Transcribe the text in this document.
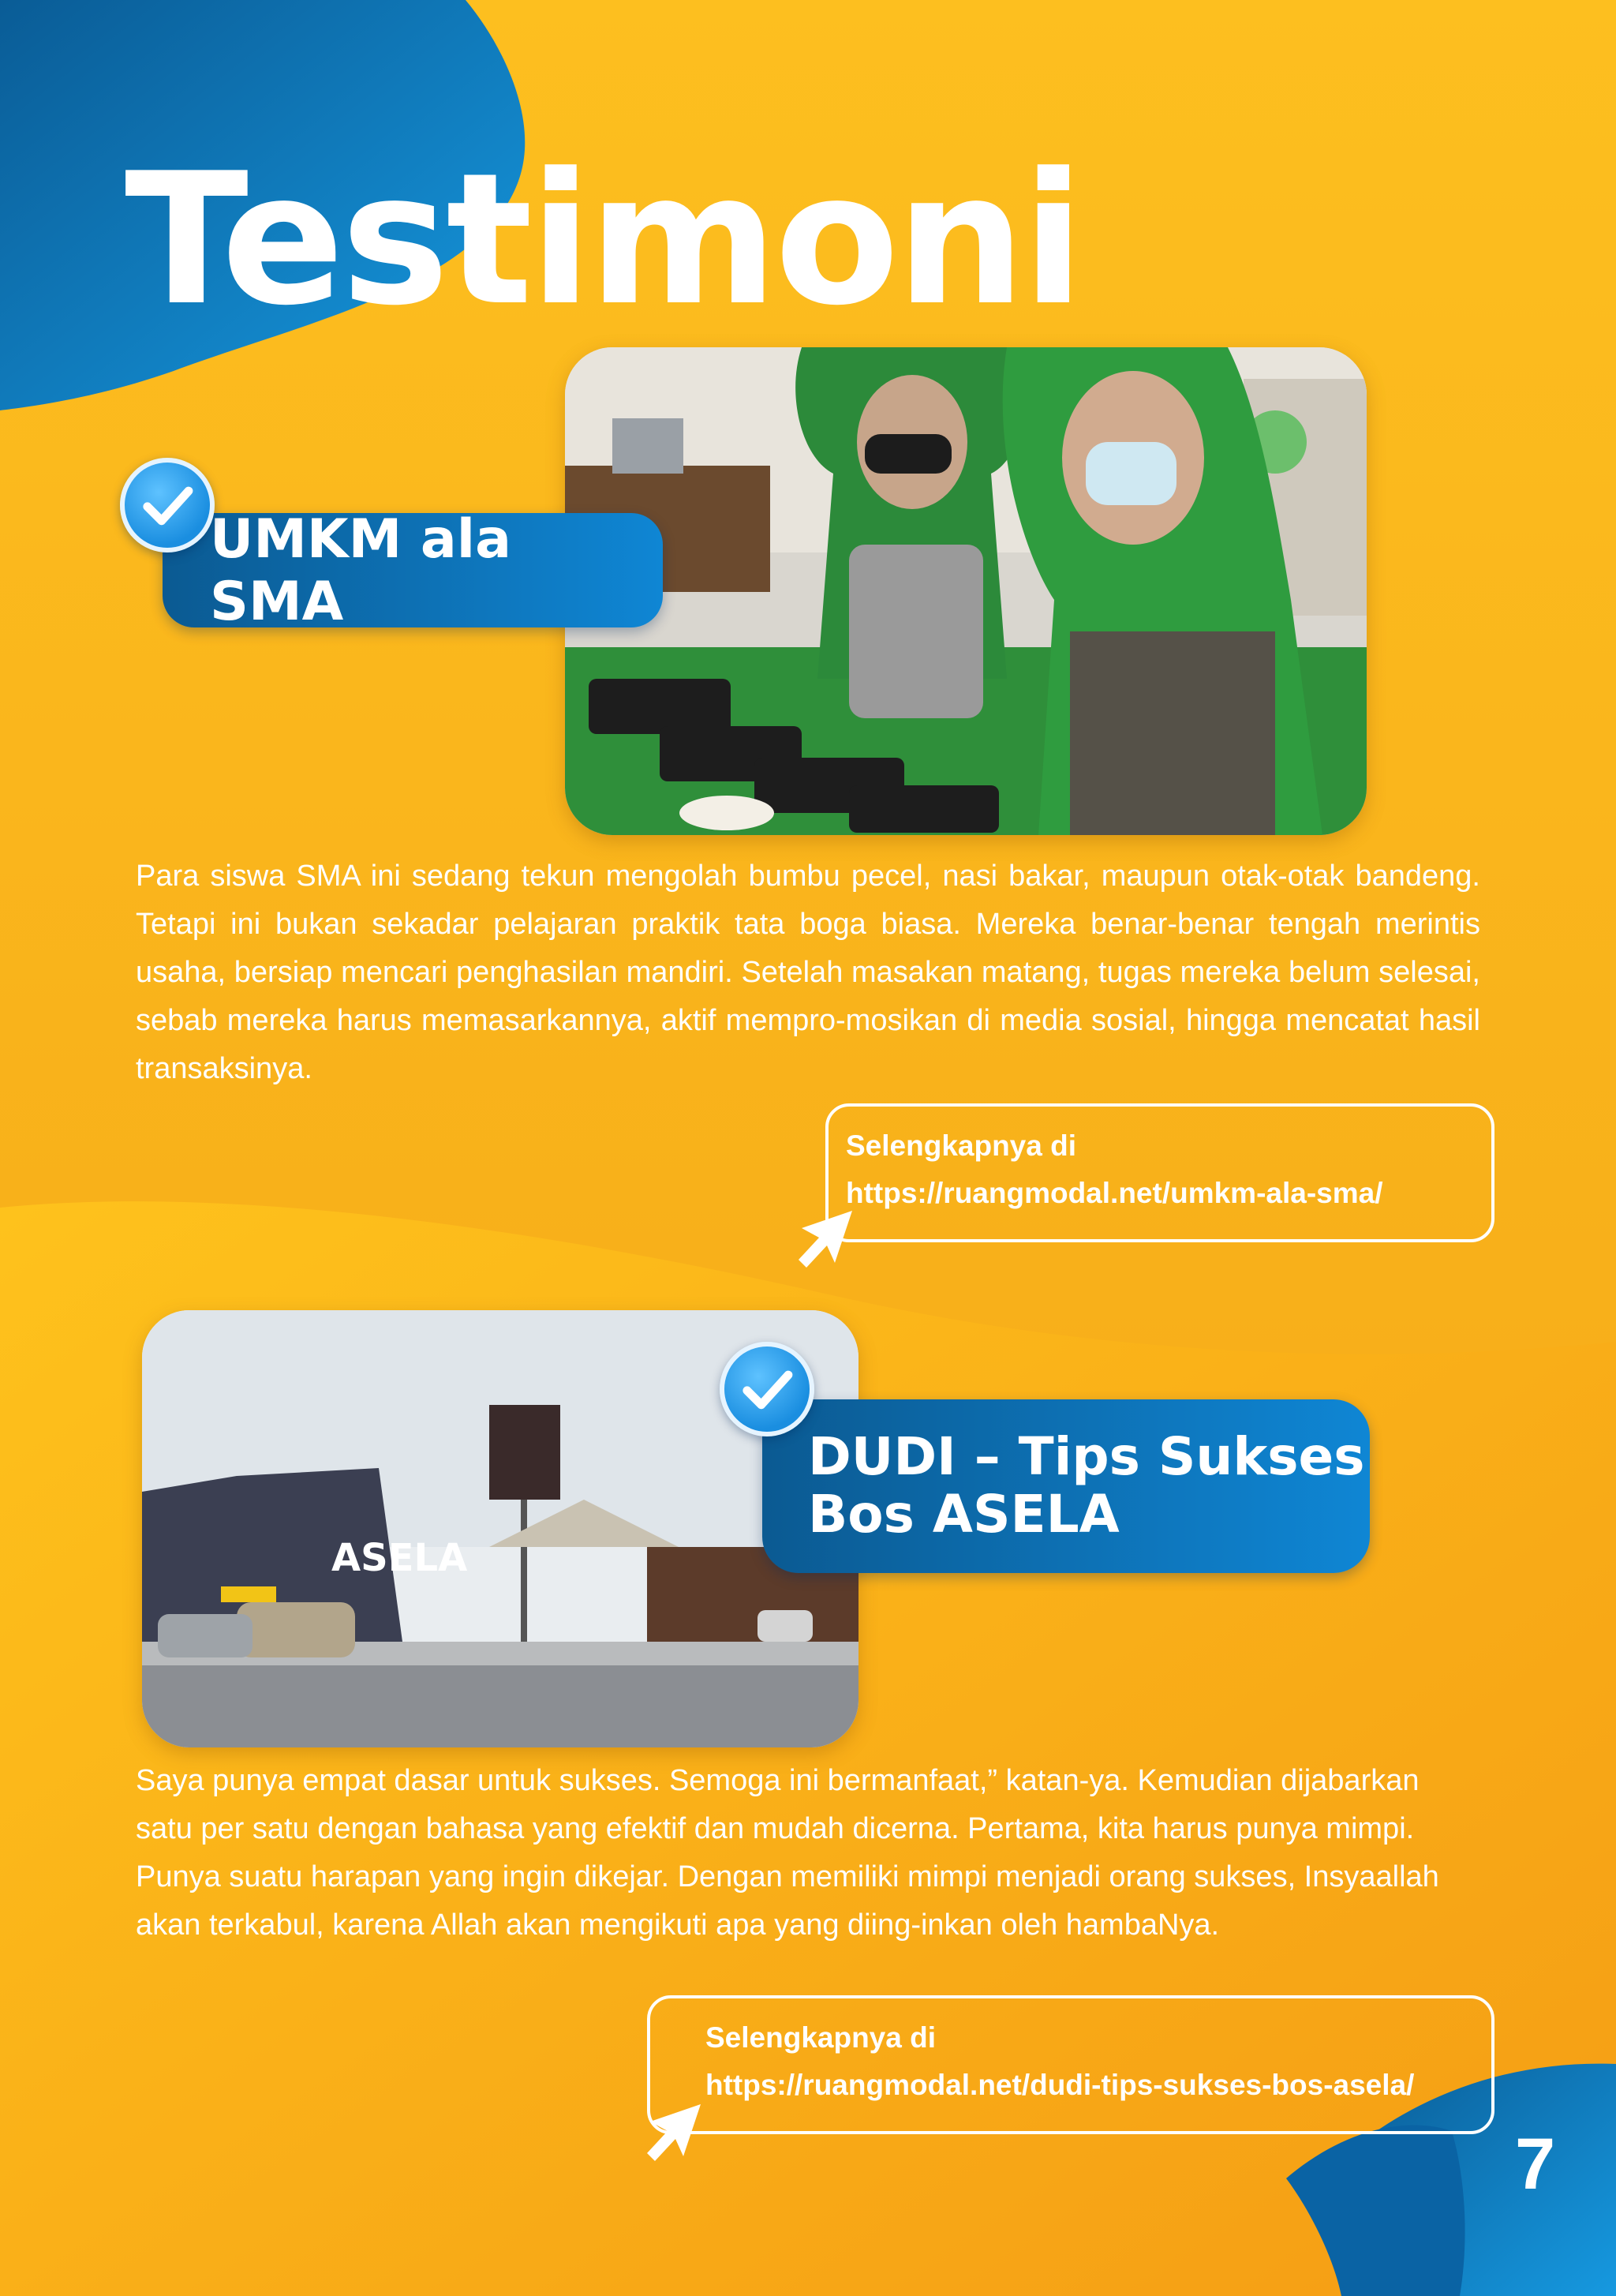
Testimoni
UMKM ala SMA

Para siswa SMA ini sedang tekun mengolah bumbu pecel, nasi bakar, maupun otak-otak bandeng. Tetapi ini bukan sekadar pelajaran praktik tata boga biasa. Mereka benar-benar tengah merintis usaha, bersiap mencari penghasilan mandiri. Setelah masakan matang, tugas mereka belum selesai, sebab mereka harus memasarkannya, aktif mempro-mosikan di media sosial, hingga mencatat hasil transaksinya.

Selengkapnya di
https://ruangmodal.net/umkm-ala-sma/
ASELA
DUDI – Tips Sukses
Bos ASELA

Saya punya empat dasar untuk sukses. Semoga ini bermanfaat,” katan-ya. Kemudian dijabarkan satu per satu dengan bahasa yang efektif dan mudah dicerna. Pertama, kita harus punya mimpi. Punya suatu harapan yang ingin dikejar. Dengan memiliki mimpi menjadi orang sukses, Insyaallah akan terkabul, karena Allah akan mengikuti apa yang diing-inkan oleh hambaNya.

Selengkapnya di
https://ruangmodal.net/dudi-tips-sukses-bos-asela/
7
